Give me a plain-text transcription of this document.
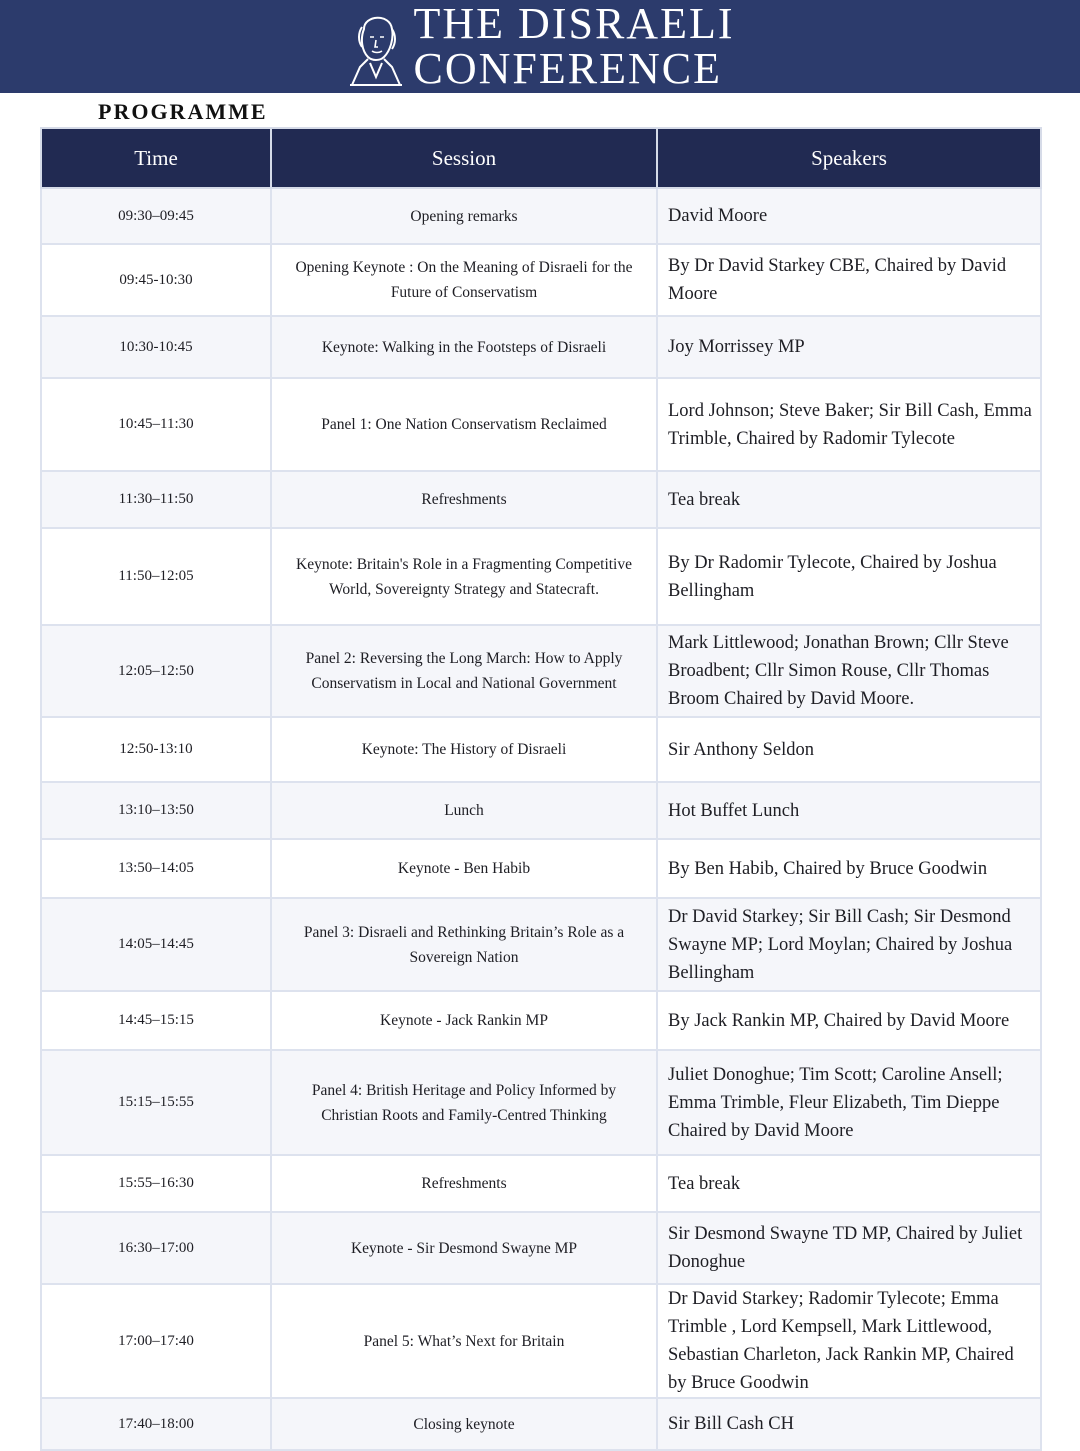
THE DISRAELI
CONFERENCE
PROGRAMME
Time	Session	Speakers
09:30–09:45	Opening remarks	David Moore
09:45-10:30	Opening Keynote : On the Meaning of Disraeli for the Future of Conservatism	By Dr David Starkey CBE, Chaired by David Moore
10:30-10:45	Keynote: Walking in the Footsteps of Disraeli	Joy Morrissey MP
10:45–11:30	Panel 1: One Nation Conservatism Reclaimed	Lord Johnson; Steve Baker; Sir Bill Cash, Emma Trimble, Chaired by Radomir Tylecote
11:30–11:50	Refreshments	Tea break
11:50–12:05	Keynote: Britain's Role in a Fragmenting Competitive World, Sovereignty Strategy and Statecraft.	By Dr Radomir Tylecote, Chaired by Joshua Bellingham
12:05–12:50	Panel 2: Reversing the Long March: How to Apply Conservatism in Local and National Government	Mark Littlewood; Jonathan Brown; Cllr Steve Broadbent; Cllr Simon Rouse, Cllr Thomas Broom Chaired by David Moore.
12:50-13:10	Keynote: The History of Disraeli	Sir Anthony Seldon
13:10–13:50	Lunch	Hot Buffet Lunch
13:50–14:05	Keynote - Ben Habib	By Ben Habib, Chaired by Bruce Goodwin
14:05–14:45	Panel 3: Disraeli and Rethinking Britain’s Role as a Sovereign Nation	Dr David Starkey; Sir Bill Cash; Sir Desmond Swayne MP; Lord Moylan; Chaired by Joshua Bellingham
14:45–15:15	Keynote - Jack Rankin MP	By Jack Rankin MP, Chaired by David Moore
15:15–15:55	Panel 4: British Heritage and Policy Informed by Christian Roots and Family-Centred Thinking	Juliet Donoghue; Tim Scott; Caroline Ansell; Emma Trimble, Fleur Elizabeth, Tim Dieppe Chaired by David Moore
15:55–16:30	Refreshments	Tea break
16:30–17:00	Keynote - Sir Desmond Swayne MP	Sir Desmond Swayne TD MP, Chaired by Juliet Donoghue
17:00–17:40	Panel 5: What’s Next for Britain	Dr David Starkey; Radomir Tylecote; Emma Trimble , Lord Kempsell, Mark Littlewood, Sebastian Charleton, Jack Rankin MP, Chaired by Bruce Goodwin
17:40–18:00	Closing keynote	Sir Bill Cash CH
